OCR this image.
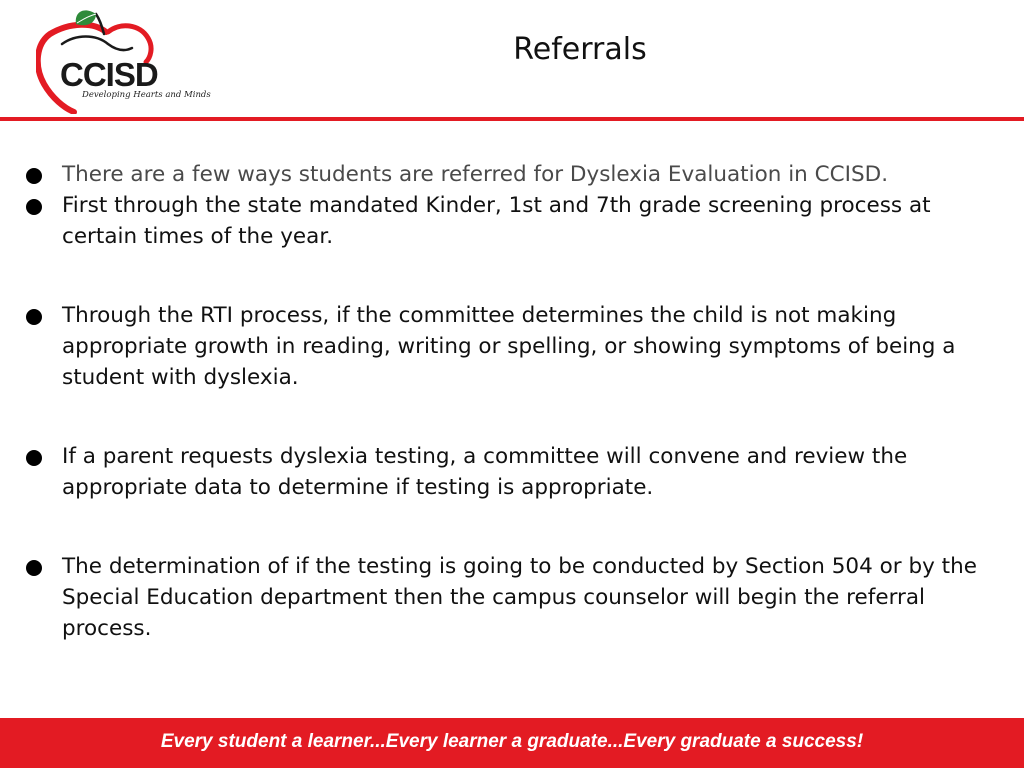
CCISD
Developing Hearts and Minds
Referrals
There are a few ways students are referred for Dyslexia Evaluation in CCISD.
First through the state mandated Kinder, 1st and 7th grade screening process at certain times of the year.
Through the RTI process, if the committee determines the child is not making appropriate growth in reading, writing or spelling, or showing symptoms of being a student with dyslexia.
If a parent requests dyslexia testing, a committee will convene and review the appropriate data to determine if testing is appropriate.
The determination of if the testing is going to be conducted by Section 504 or by the Special Education department then the campus counselor will begin the referral process.
Every student a learner...Every learner a graduate...Every graduate a success!
